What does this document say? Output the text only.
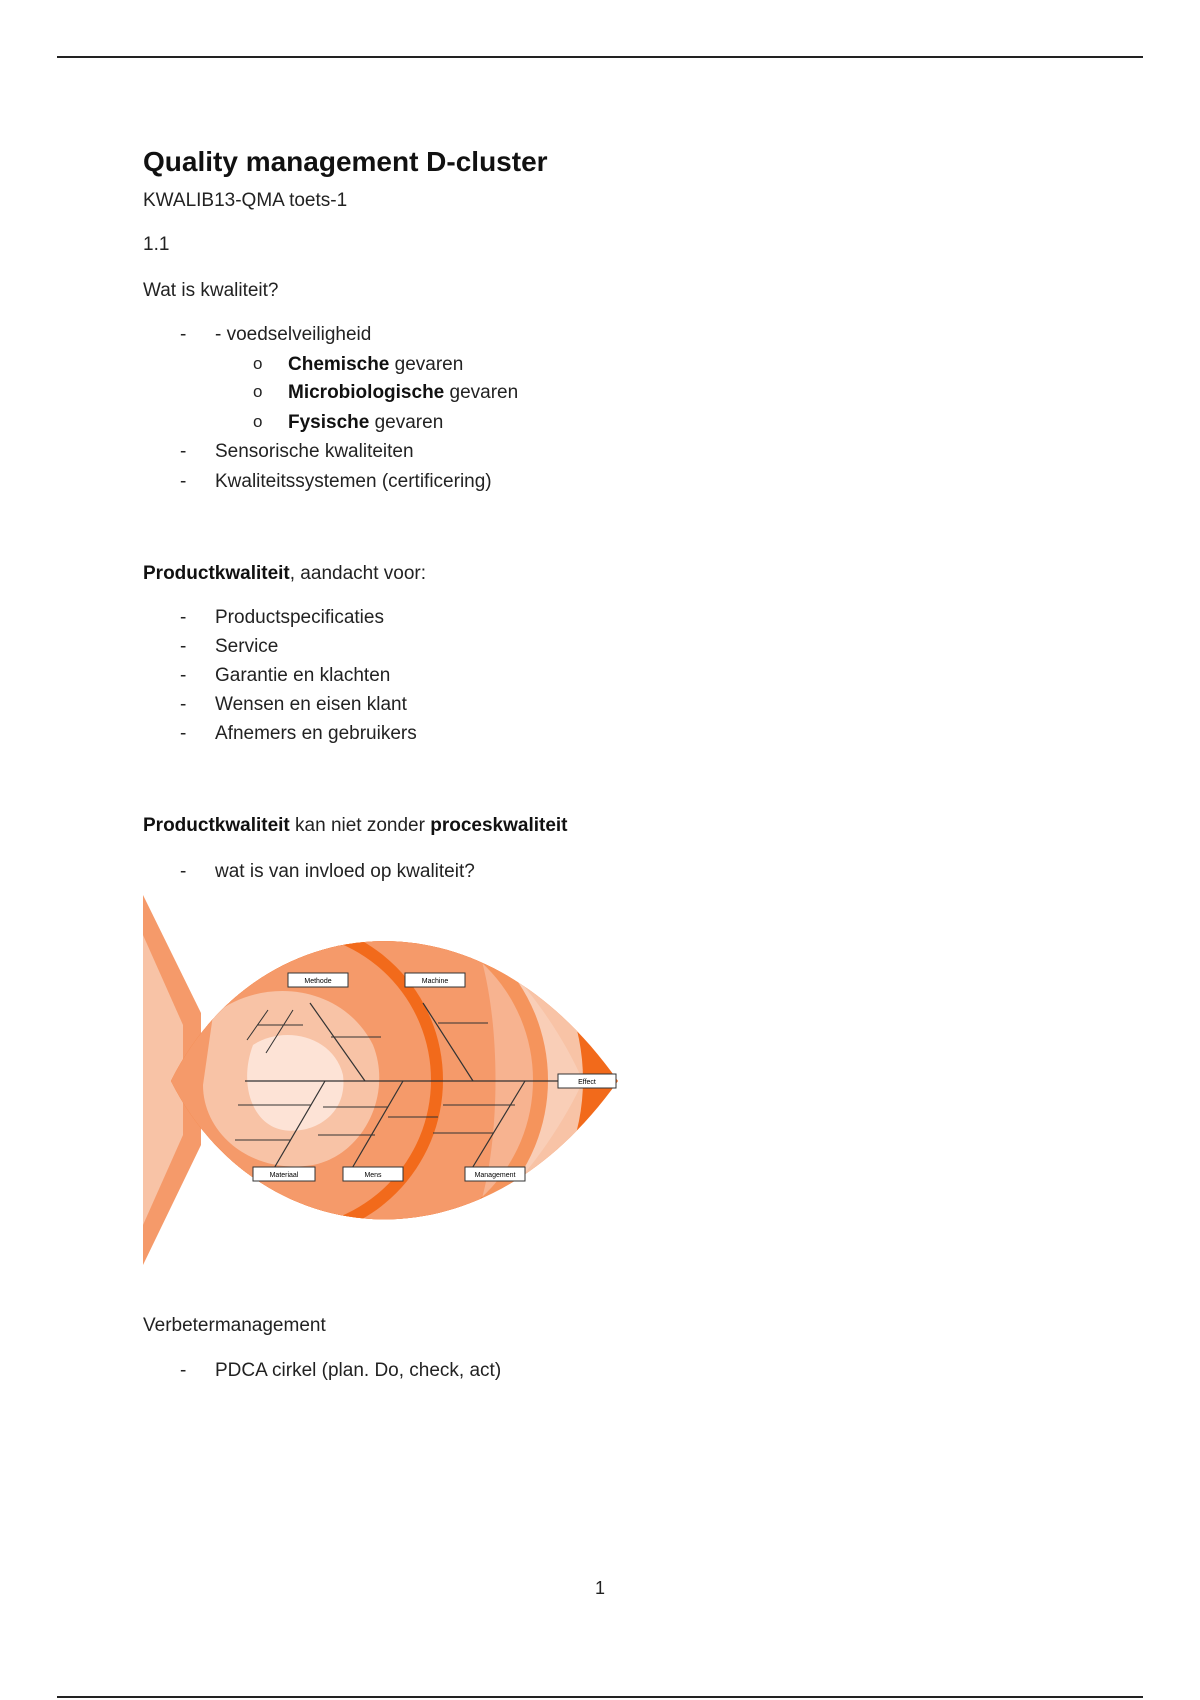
Quality management D-cluster
KWALIB13-QMA toets-1
1.1
Wat is kwaliteit?
- - voedselveiligheid
o Chemische gevaren
o Microbiologische gevaren
o Fysische gevaren
- Sensorische kwaliteiten
- Kwaliteitssystemen (certificering)
Productkwaliteit, aandacht voor:
- Productspecificaties
- Service
- Garantie en klachten
- Wensen en eisen klant
- Afnemers en gebruikers
Productkwaliteit kan niet zonder proceskwaliteit
- wat is van invloed op kwaliteit?
Verbetermanagement
- PDCA cirkel (plan. Do, check, act)
Methode	Machine
Effect
Materiaal	Mens	Management
1
